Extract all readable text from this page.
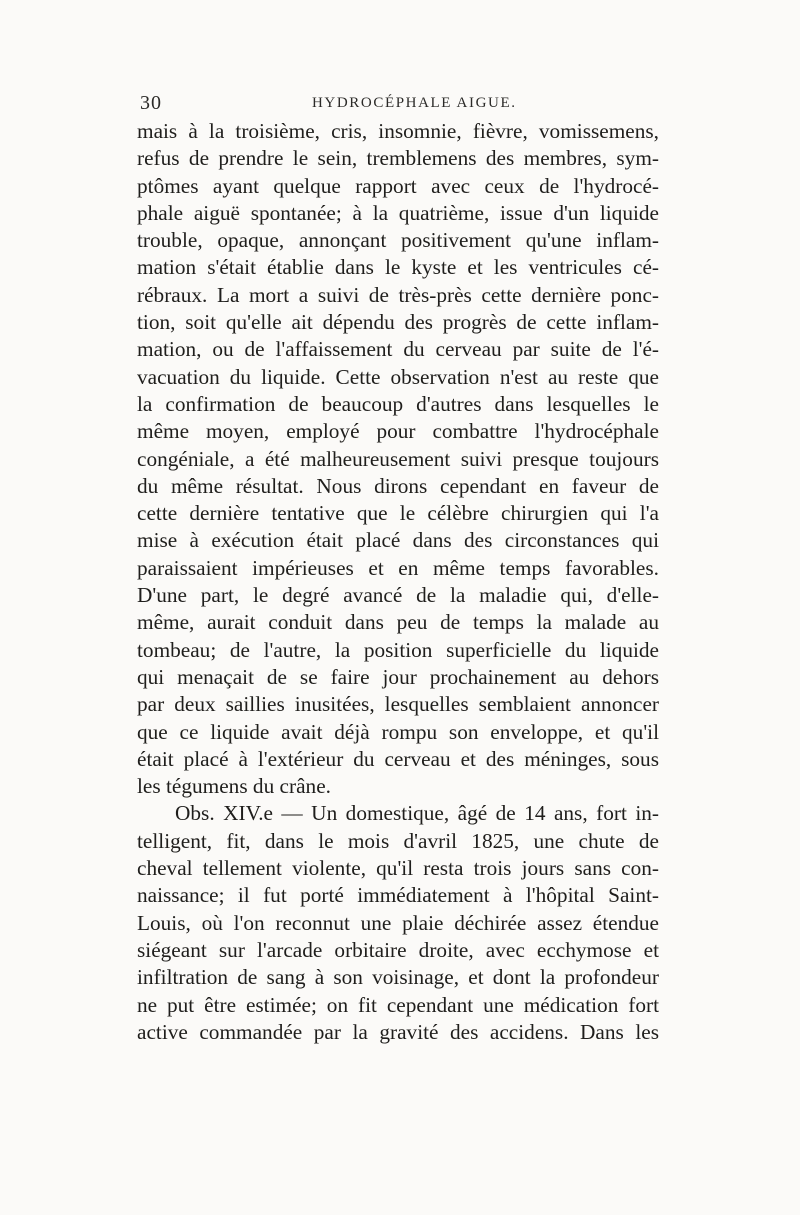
30	HYDROCÉPHALE AIGUE.
mais à la troisième, cris, insomnie, fièvre, vomissemens,
refus de prendre le sein, tremblemens des membres, sym-
ptômes ayant quelque rapport avec ceux de l'hydrocé-
phale aiguë spontanée; à la quatrième, issue d'un liquide
trouble, opaque, annonçant positivement qu'une inflam-
mation s'était établie dans le kyste et les ventricules cé-
rébraux. La mort a suivi de très-près cette dernière ponc-
tion, soit qu'elle ait dépendu des progrès de cette inflam-
mation, ou de l'affaissement du cerveau par suite de l'é-
vacuation du liquide. Cette observation n'est au reste que
la confirmation de beaucoup d'autres dans lesquelles le
même moyen, employé pour combattre l'hydrocéphale
congéniale, a été malheureusement suivi presque toujours
du même résultat. Nous dirons cependant en faveur de
cette dernière tentative que le célèbre chirurgien qui l'a
mise à exécution était placé dans des circonstances qui
paraissaient impérieuses et en même temps favorables.
D'une part, le degré avancé de la maladie qui, d'elle-
même, aurait conduit dans peu de temps la malade au
tombeau; de l'autre, la position superficielle du liquide
qui menaçait de se faire jour prochainement au dehors
par deux saillies inusitées, lesquelles semblaient annoncer
que ce liquide avait déjà rompu son enveloppe, et qu'il
était placé à l'extérieur du cerveau et des méninges, sous
les tégumens du crâne.
Obs. XIV.e — Un domestique, âgé de 14 ans, fort in-
telligent, fit, dans le mois d'avril 1825, une chute de
cheval tellement violente, qu'il resta trois jours sans con-
naissance; il fut porté immédiatement à l'hôpital Saint-
Louis, où l'on reconnut une plaie déchirée assez étendue
siégeant sur l'arcade orbitaire droite, avec ecchymose et
infiltration de sang à son voisinage, et dont la profondeur
ne put être estimée; on fit cependant une médication fort
active commandée par la gravité des accidens. Dans les
